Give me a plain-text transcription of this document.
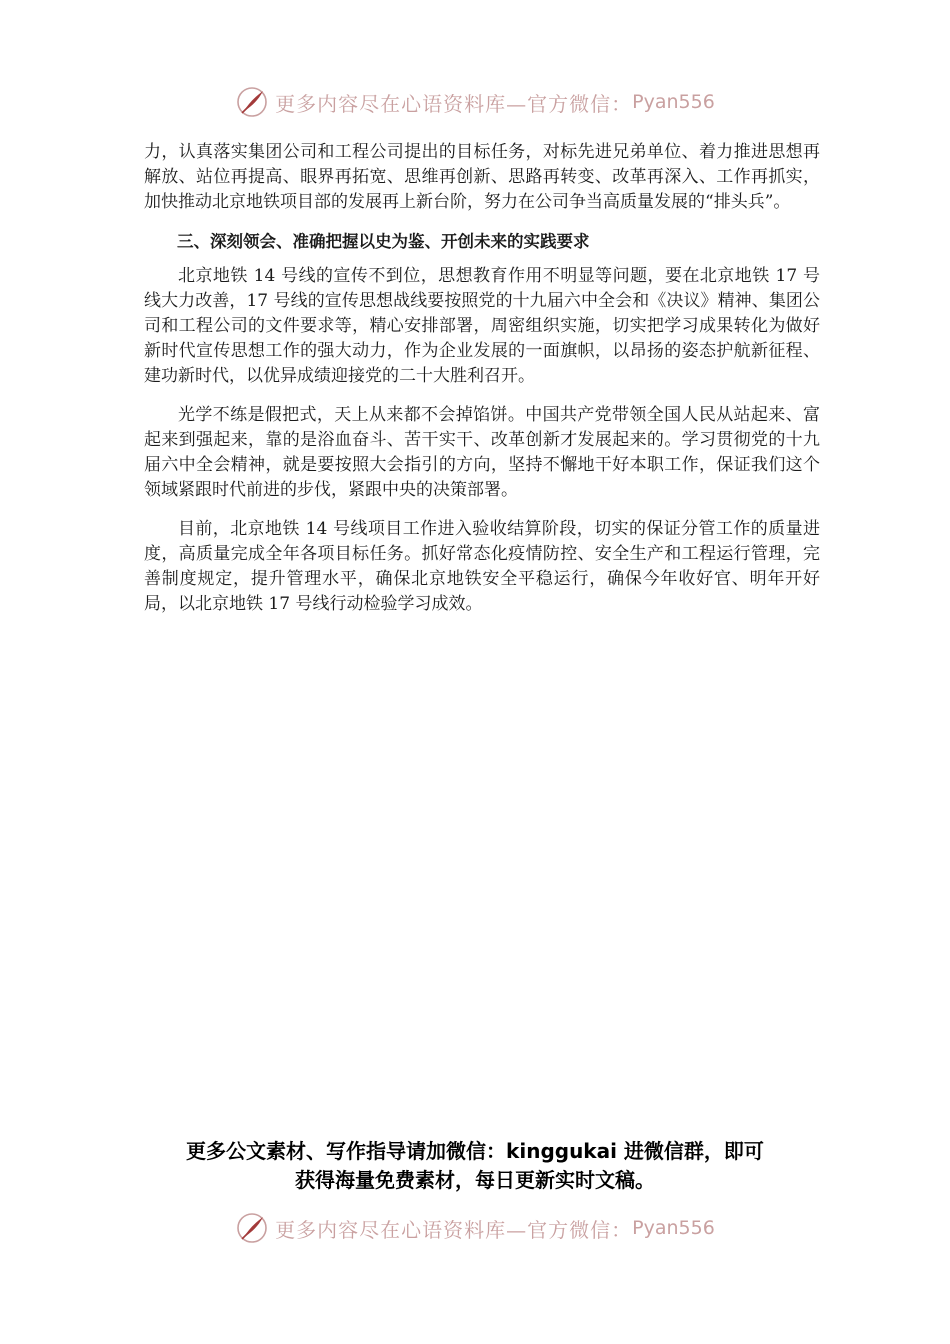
更多内容尽在心语资料库—官方微信： Pyan556

力，认真落实集团公司和工程公司提出的目标任务，对标先进兄弟单位、着力推进思想再解放、站位再提高、眼界再拓宽、思维再创新、思路再转变、改革再深入、工作再抓实，加快推动北京地铁项目部的发展再上新台阶，努力在公司争当高质量发展的“排头兵”。

三、深刻领会、准确把握以史为鉴、开创未来的实践要求

北京地铁 14 号线的宣传不到位，思想教育作用不明显等问题，要在北京地铁 17 号线大力改善，17 号线的宣传思想战线要按照党的十九届六中全会和《决议》精神、集团公司和工程公司的文件要求等，精心安排部署，周密组织实施，切实把学习成果转化为做好新时代宣传思想工作的强大动力，作为企业发展的一面旗帜，以昂扬的姿态护航新征程、建功新时代，以优异成绩迎接党的二十大胜利召开。

光学不练是假把式，天上从来都不会掉馅饼。中国共产党带领全国人民从站起来、富起来到强起来，靠的是浴血奋斗、苦干实干、改革创新才发展起来的。学习贯彻党的十九届六中全会精神，就是要按照大会指引的方向，坚持不懈地干好本职工作，保证我们这个领域紧跟时代前进的步伐，紧跟中央的决策部署。

目前，北京地铁 14 号线项目工作进入验收结算阶段，切实的保证分管工作的质量进度，高质量完成全年各项目标任务。抓好常态化疫情防控、安全生产和工程运行管理，完善制度规定，提升管理水平，确保北京地铁安全平稳运行，确保今年收好官、明年开好局，以北京地铁 17 号线行动检验学习成效。

更多公文素材、写作指导请加微信：kinggukai 进微信群，即可
获得海量免费素材，每日更新实时文稿。
更多内容尽在心语资料库—官方微信： Pyan556
